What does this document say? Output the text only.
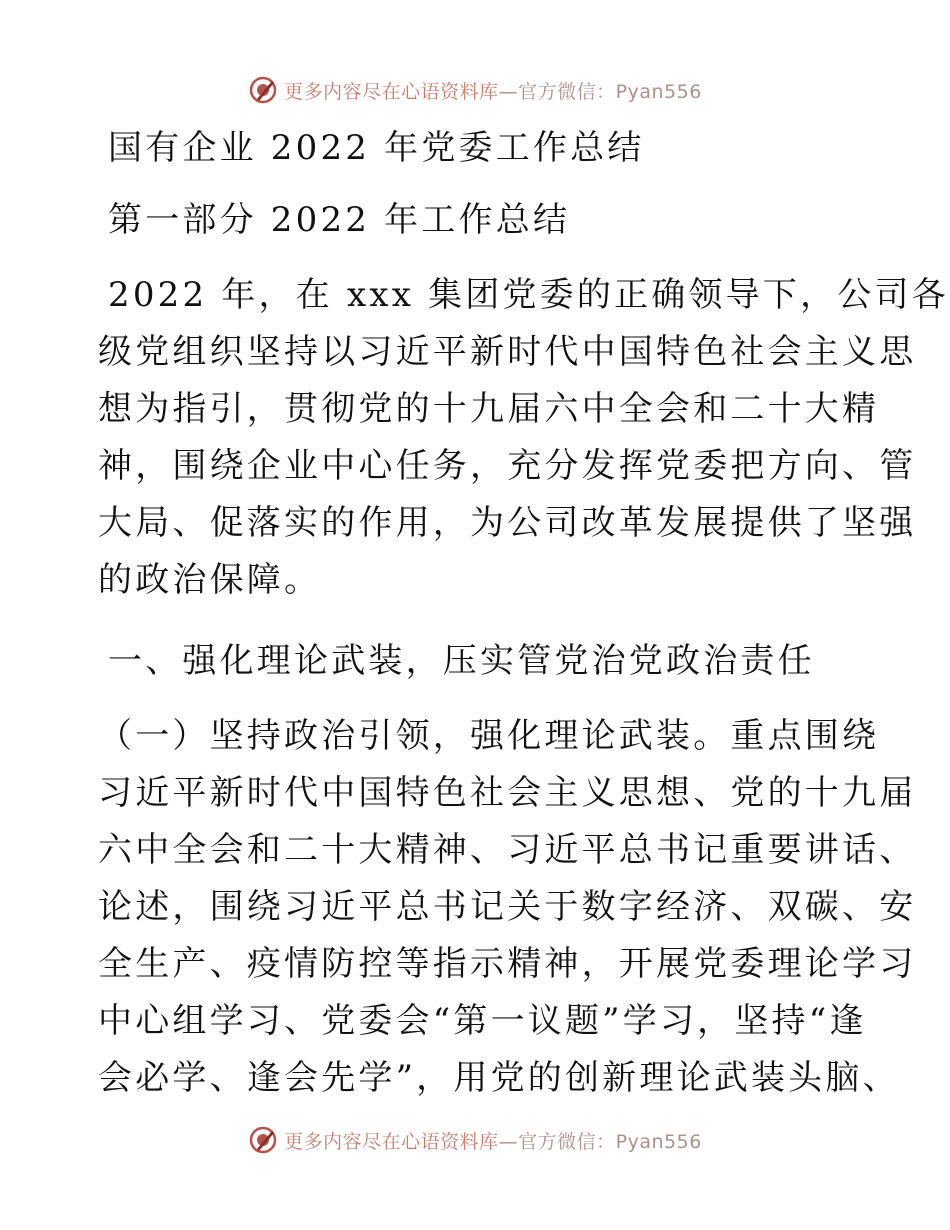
更多内容尽在心语资料库—官方微信：Pyan556
国有企业 2022 年党委工作总结
第一部分 2022 年工作总结
2022 年，在 xxx 集团党委的正确领导下，公司各
级党组织坚持以习近平新时代中国特色社会主义思
想为指引，贯彻党的十九届六中全会和二十大精
神，围绕企业中心任务，充分发挥党委把方向、管
大局、促落实的作用，为公司改革发展提供了坚强
的政治保障。
一、强化理论武装，压实管党治党政治责任
（一）坚持政治引领，强化理论武装。重点围绕
习近平新时代中国特色社会主义思想、党的十九届
六中全会和二十大精神、习近平总书记重要讲话、
论述，围绕习近平总书记关于数字经济、双碳、安
全生产、疫情防控等指示精神，开展党委理论学习
中心组学习、党委会“第一议题”学习，坚持“逢
会必学、逢会先学”，用党的创新理论武装头脑、
更多内容尽在心语资料库—官方微信：Pyan556
